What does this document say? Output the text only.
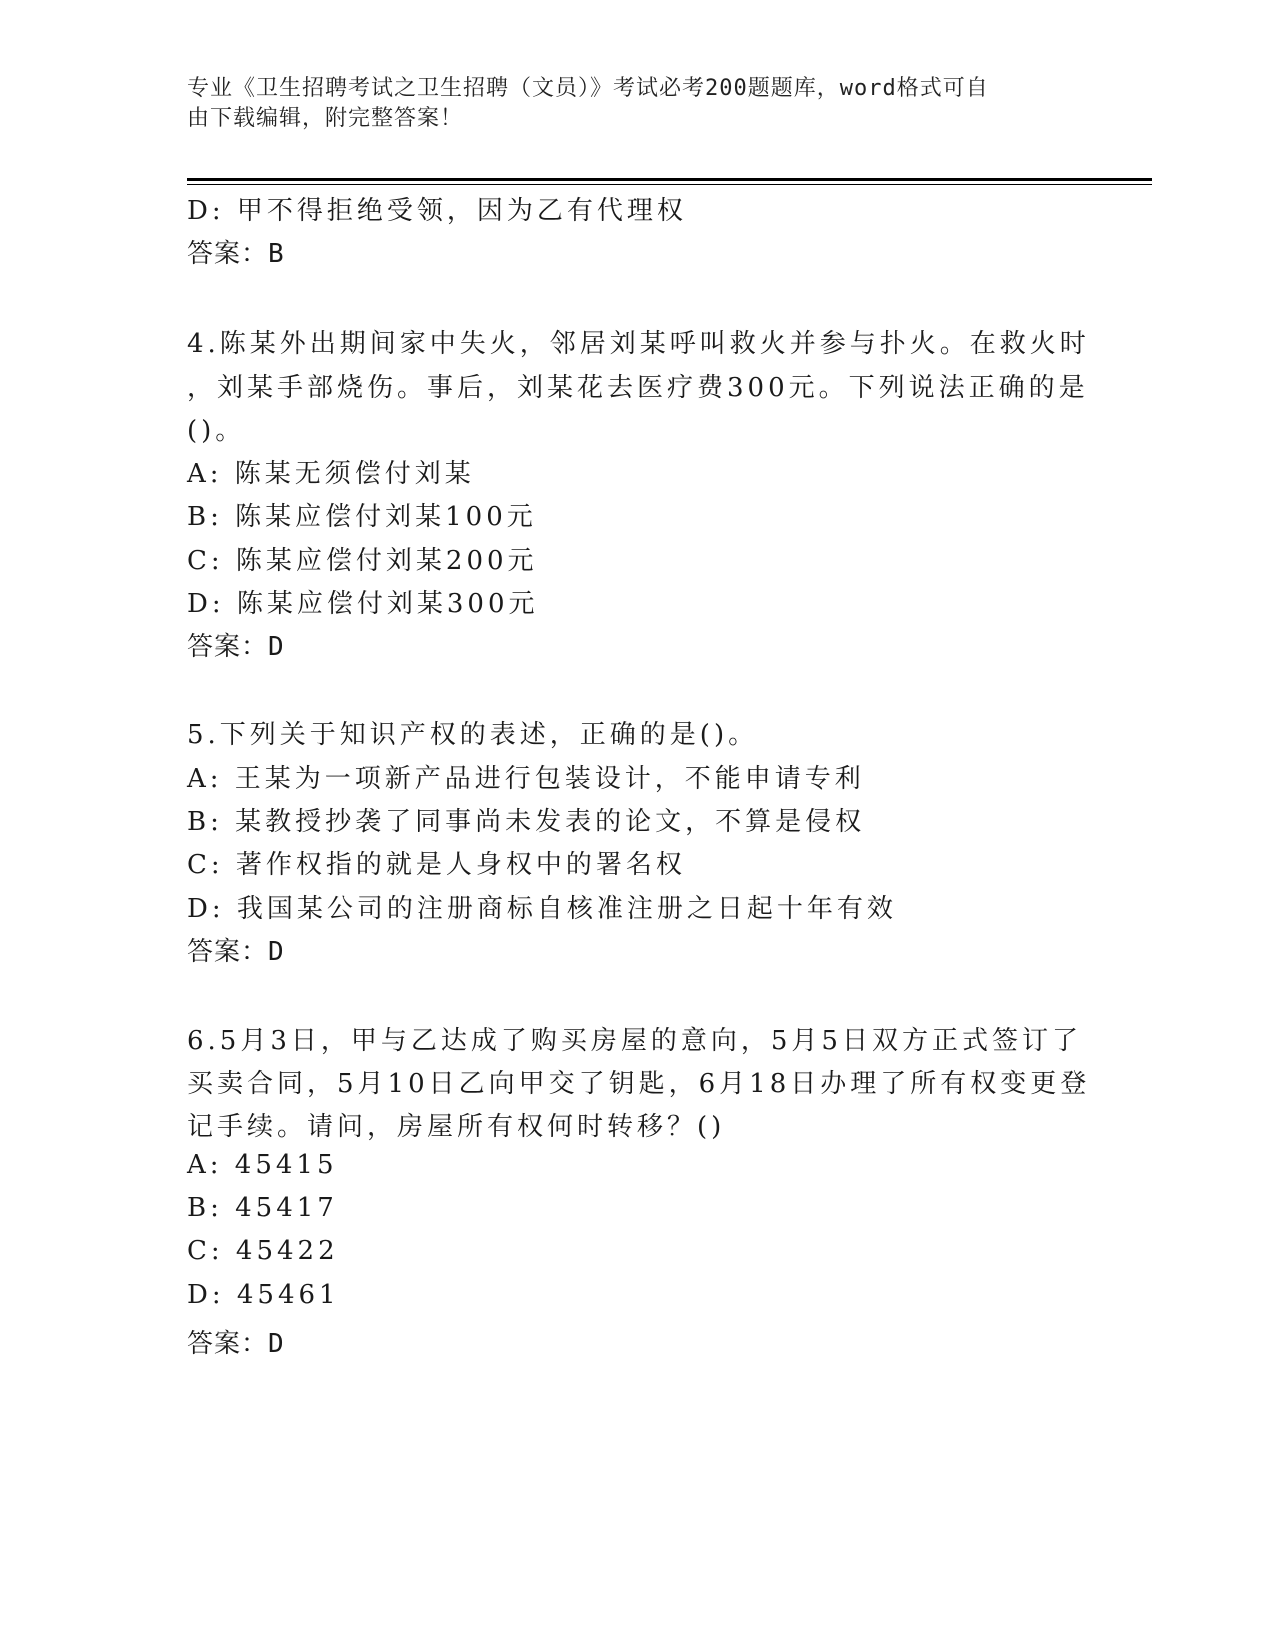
专业《卫生招聘考试之卫生招聘（文员）》考试必考200题题库，word格式可自
由下载编辑，附完整答案！
D: 甲不得拒绝受领，因为乙有代理权
答案：B
4.陈某外出期间家中失火，邻居刘某呼叫救火并参与扑火。在救火时
，刘某手部烧伤。事后，刘某花去医疗费300元。下列说法正确的是
()。
A: 陈某无须偿付刘某
B: 陈某应偿付刘某100元
C: 陈某应偿付刘某200元
D: 陈某应偿付刘某300元
答案：D
5.下列关于知识产权的表述，正确的是()。
A: 王某为一项新产品进行包装设计，不能申请专利
B: 某教授抄袭了同事尚未发表的论文，不算是侵权
C: 著作权指的就是人身权中的署名权
D: 我国某公司的注册商标自核准注册之日起十年有效
答案：D
6.5月3日，甲与乙达成了购买房屋的意向，5月5日双方正式签订了
买卖合同，5月10日乙向甲交了钥匙，6月18日办理了所有权变更登
记手续。请问，房屋所有权何时转移？()
A: 45415
B: 45417
C: 45422
D: 45461
答案：D
